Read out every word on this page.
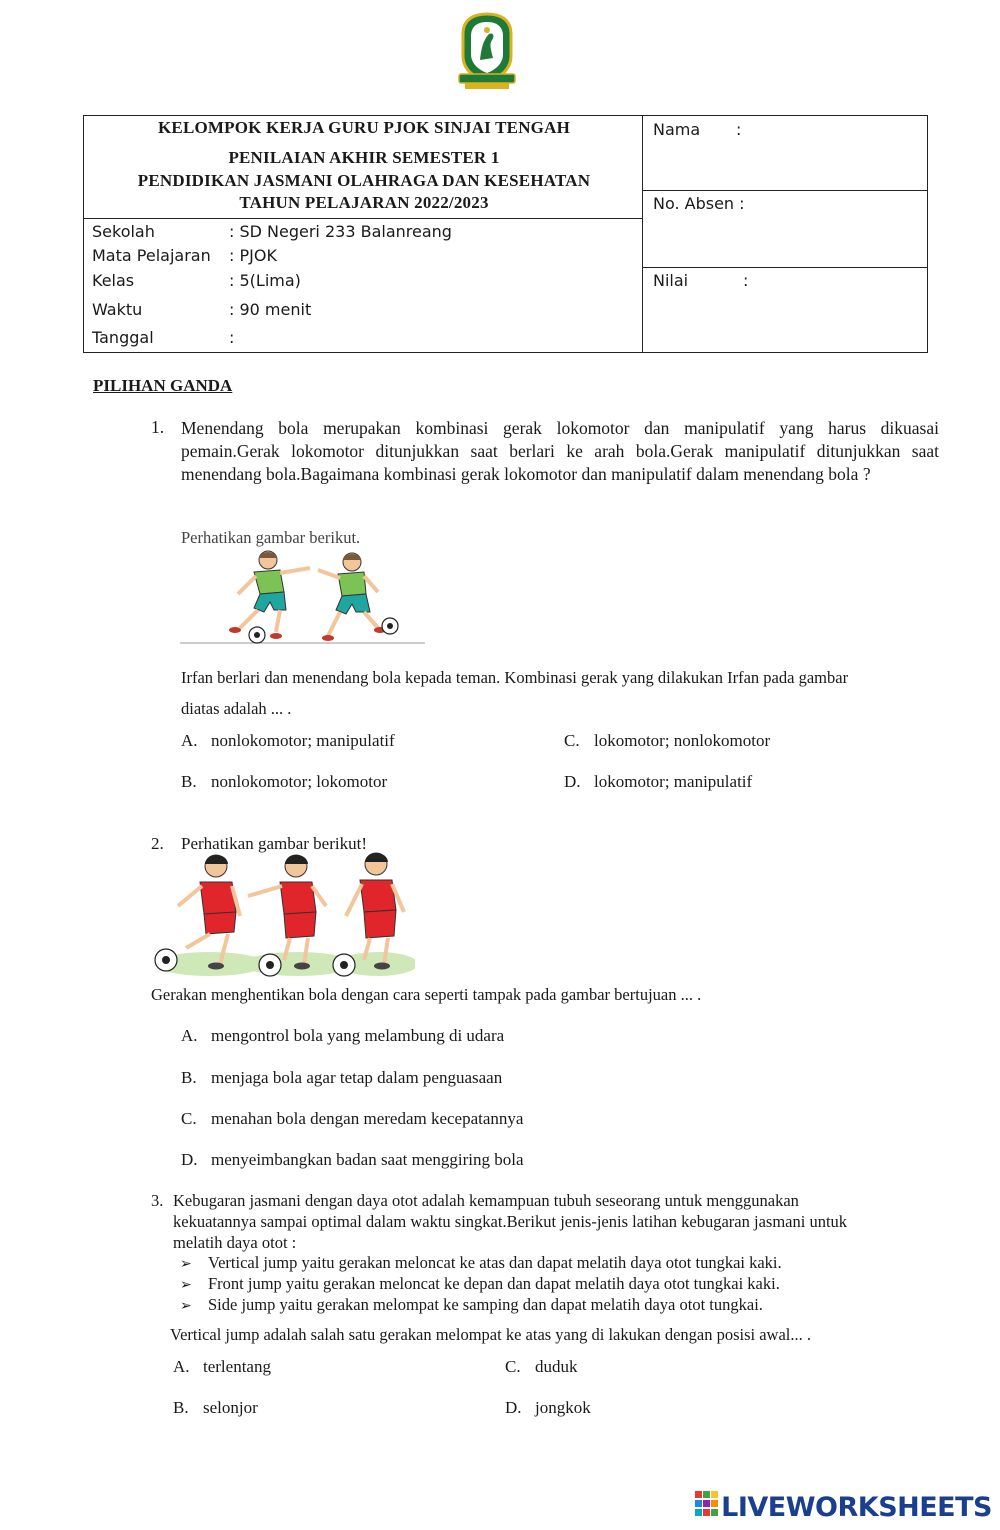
KELOMPOK KERJA GURU PJOK SINJAI TENGAH
PENILAIAN AKHIR SEMESTER 1
PENDIDIKAN JASMANI OLAHRAGA DAN KESEHATAN
TAHUN PELAJARAN 2022/2023
Sekolah	: SD Negeri 233 Balanreang
Mata Pelajaran : PJOK
Kelas	: 5(Lima)
Waktu	: 90 menit
Tanggal	:
Nama :
No. Absen :
Nilai	:
PILIHAN GANDA
1. Menendang bola merupakan kombinasi gerak lokomotor dan manipulatif yang harus dikuasai pemain.Gerak lokomotor ditunjukkan saat berlari ke arah bola.Gerak manipulatif ditunjukkan saat menendang bola.Bagaimana kombinasi gerak lokomotor dan manipulatif dalam menendang bola ?
Perhatikan gambar berikut.
Irfan berlari dan menendang bola kepada teman. Kombinasi gerak yang dilakukan Irfan pada gambar
diatas adalah ... .
A. nonlokomotor; manipulatif
B. nonlokomotor; lokomotor
C. lokomotor; nonlokomotor
D. lokomotor; manipulatif
2. Perhatikan gambar berikut!
Gerakan menghentikan bola dengan cara seperti tampak pada gambar bertujuan ... .
A. mengontrol bola yang melambung di udara
B. menjaga bola agar tetap dalam penguasaan
C. menahan bola dengan meredam kecepatannya
D. menyeimbangkan badan saat menggiring bola
3. Kebugaran jasmani dengan daya otot adalah kemampuan tubuh seseorang untuk menggunakan
kekuatannya sampai optimal dalam waktu singkat.Berikut jenis-jenis latihan kebugaran jasmani untuk
melatih daya otot :
➢ Vertical jump yaitu gerakan meloncat ke atas dan dapat melatih daya otot tungkai kaki.
➢ Front jump yaitu gerakan meloncat ke depan dan dapat melatih daya otot tungkai kaki.
➢ Side jump yaitu gerakan melompat ke samping dan dapat melatih daya otot tungkai.
Vertical jump adalah salah satu gerakan melompat ke atas yang di lakukan dengan posisi awal... .
A. terlentang
B. selonjor
C. duduk
D. jongkok
LIVEWORKSHEETS
